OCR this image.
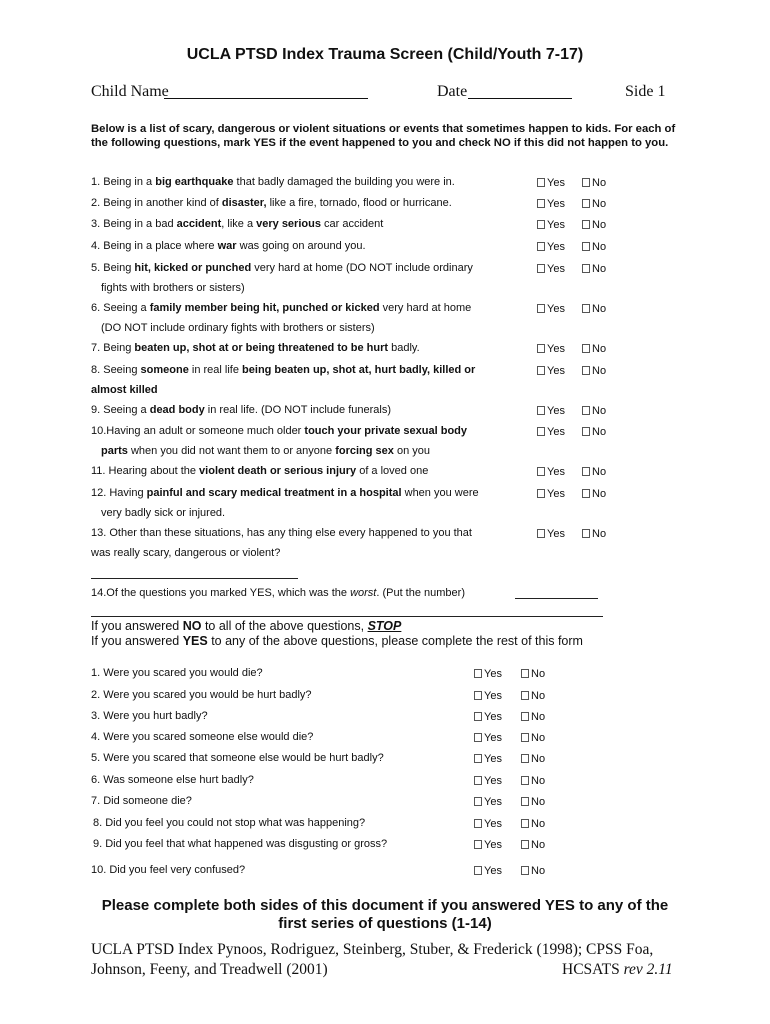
UCLA PTSD Index Trauma Screen (Child/Youth 7-17)
Child Name	Date	Side 1
Below is a list of scary, dangerous or violent situations or events that sometimes happen to kids. For each of the following questions, mark YES if the event happened to you and check NO if this did not happen to you.
1. Being in a big earthquake that badly damaged the building you were in.	Yes	No
2. Being in another kind of disaster, like a fire, tornado, flood or hurricane.	Yes	No
3. Being in a bad accident, like a very serious car accident	Yes	No
4. Being in a place where war was going on around you.	Yes	No
5. Being hit, kicked or punched very hard at home (DO NOT include ordinary
fights with brothers or sisters)
Yes	No
6. Seeing a family member being hit, punched or kicked very hard at home
(DO NOT include ordinary fights with brothers or sisters)
Yes	No
7. Being beaten up, shot at or being threatened to be hurt badly.	Yes	No
8. Seeing someone in real life being beaten up, shot at, hurt badly, killed or
almost killed
Yes	No
9. Seeing a dead body in real life. (DO NOT include funerals)	Yes	No
10.Having an adult or someone much older touch your private sexual body
parts when you did not want them to or anyone forcing sex on you
Yes	No
11. Hearing about the violent death or serious injury of a loved one	Yes	No
12. Having painful and scary medical treatment in a hospital when you were
very badly sick or injured.
Yes	No
13. Other than these situations, has any thing else every happened to you that
was really scary, dangerous or violent?
Yes	No
14.Of the questions you marked YES, which was the worst. (Put the number)
If you answered NO to all of the above questions, STOP
If you answered YES to any of the above questions, please complete the rest of this form
1. Were you scared you would die?	Yes	No
2. Were you scared you would be hurt badly?	Yes	No
3. Were you hurt badly?	Yes	No
4. Were you scared someone else would die?	Yes	No
5. Were you scared that someone else would be hurt badly?	Yes	No
6. Was someone else hurt badly?	Yes	No
7. Did someone die?	Yes	No
8. Did you feel you could not stop what was happening?	Yes	No
9. Did you feel that what happened was disgusting or gross?	Yes	No
10. Did you feel very confused?	Yes	No
Please complete both sides of this document if you answered YES to any of the
first series of questions (1-14)
UCLA PTSD Index Pynoos, Rodriguez, Steinberg, Stuber, & Frederick (1998); CPSS Foa,
Johnson, Feeny, and Treadwell (2001)	HCSATS rev 2.11
